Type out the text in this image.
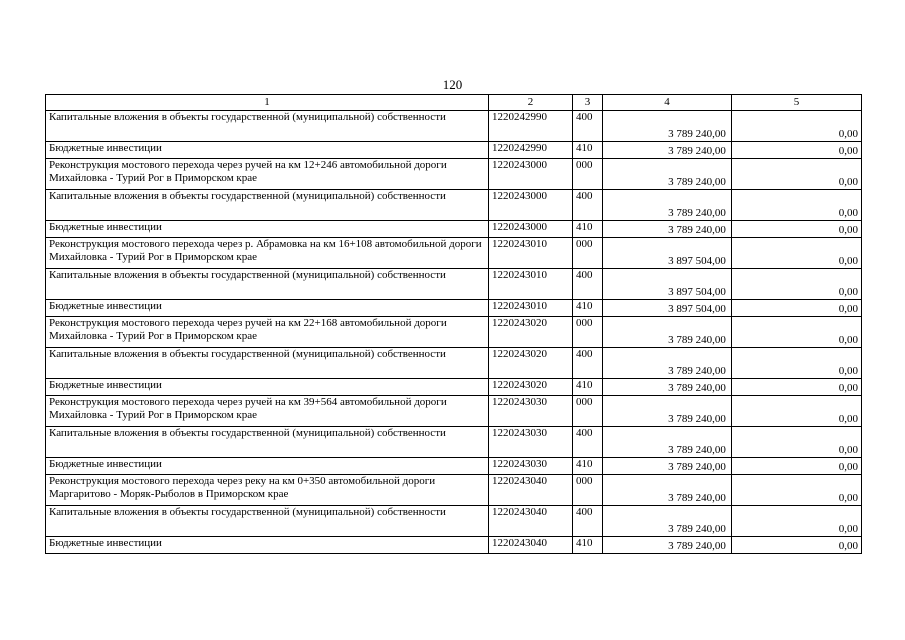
120
1	2	3	4	5
Капитальные вложения в объекты государственной (муниципальной) собственности	1220242990	400	3 789 240,00	0,00
Бюджетные инвестиции	1220242990	410	3 789 240,00	0,00
Реконструкция мостового перехода через ручей на км 12+246 автомобильной дороги Михайловка - Турий Рог в Приморском крае	1220243000	000	3 789 240,00	0,00
Капитальные вложения в объекты государственной (муниципальной) собственности	1220243000	400	3 789 240,00	0,00
Бюджетные инвестиции	1220243000	410	3 789 240,00	0,00
Реконструкция мостового перехода через р. Абрамовка на км 16+108 автомобильной дороги Михайловка - Турий Рог в Приморском крае	1220243010	000	3 897 504,00	0,00
Капитальные вложения в объекты государственной (муниципальной) собственности	1220243010	400	3 897 504,00	0,00
Бюджетные инвестиции	1220243010	410	3 897 504,00	0,00
Реконструкция мостового перехода через ручей на км 22+168 автомобильной дороги Михайловка - Турий Рог в Приморском крае	1220243020	000	3 789 240,00	0,00
Капитальные вложения в объекты государственной (муниципальной) собственности	1220243020	400	3 789 240,00	0,00
Бюджетные инвестиции	1220243020	410	3 789 240,00	0,00
Реконструкция мостового перехода через ручей на км 39+564 автомобильной дороги Михайловка - Турий Рог в Приморском крае	1220243030	000	3 789 240,00	0,00
Капитальные вложения в объекты государственной (муниципальной) собственности	1220243030	400	3 789 240,00	0,00
Бюджетные инвестиции	1220243030	410	3 789 240,00	0,00
Реконструкция мостового перехода через реку на км 0+350 автомобильной дороги Маргаритово - Моряк-Рыболов в Приморском крае	1220243040	000	3 789 240,00	0,00
Капитальные вложения в объекты государственной (муниципальной) собственности	1220243040	400	3 789 240,00	0,00
Бюджетные инвестиции	1220243040	410	3 789 240,00	0,00
